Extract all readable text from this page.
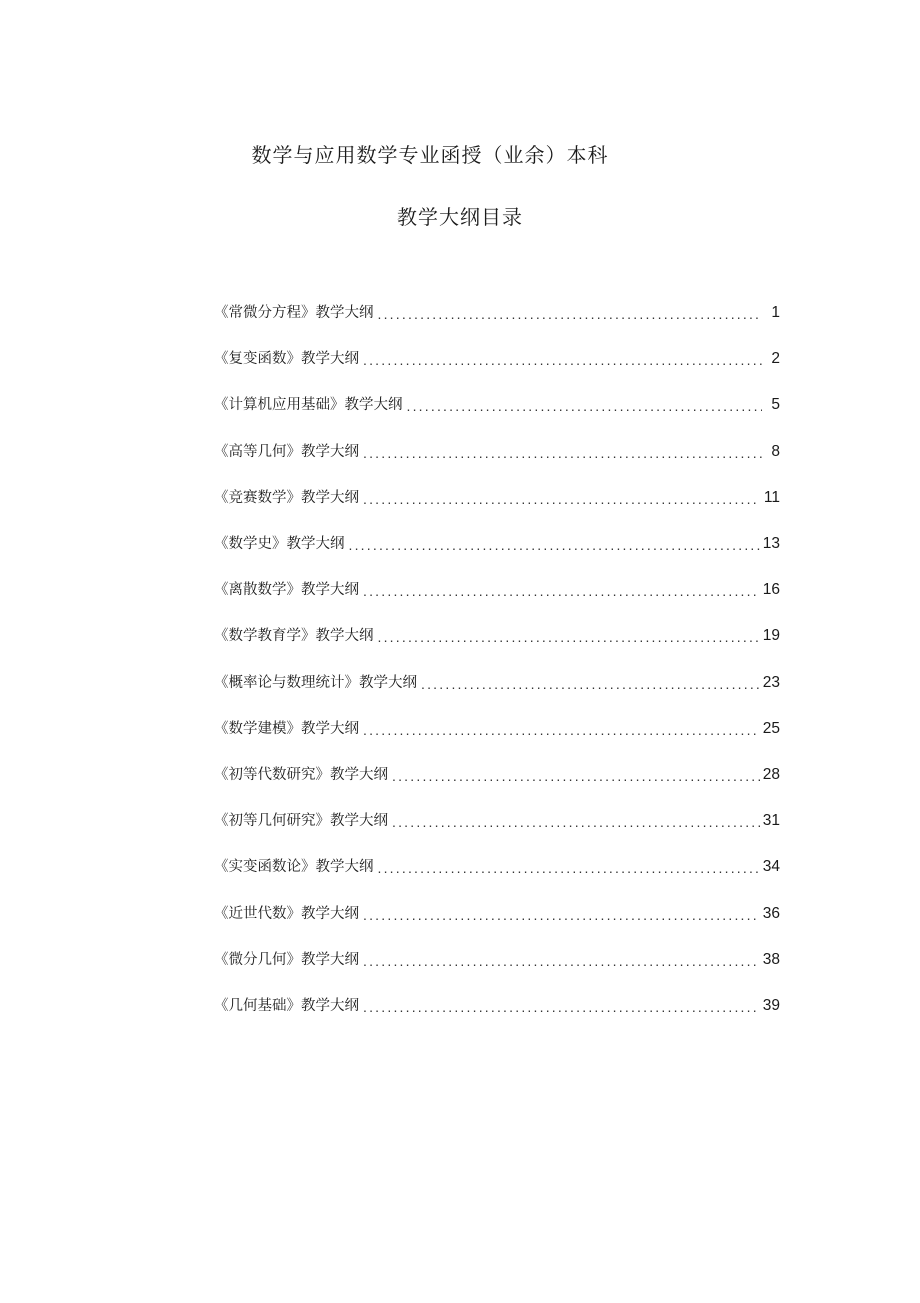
数学与应用数学专业函授（业余）本科
教学大纲目录
《常微分方程》教学大纲 .....	1
《复变函数》教学大纲 .....	2
《计算机应用基础》教学大纲 .....	5
《高等几何》教学大纲 .....	8
《竞赛数学》教学大纲 .....	11
《数学史》教学大纲 .....	13
《离散数学》教学大纲 .....	16
《数学教育学》教学大纲 .....	19
《概率论与数理统计》教学大纲 .....	23
《数学建模》教学大纲 .....	25
《初等代数研究》教学大纲 .....	28
《初等几何研究》教学大纲 .....	31
《实变函数论》教学大纲 .....	34
《近世代数》教学大纲 .....	36
《微分几何》教学大纲 .....	38
《几何基础》教学大纲 .....	39
